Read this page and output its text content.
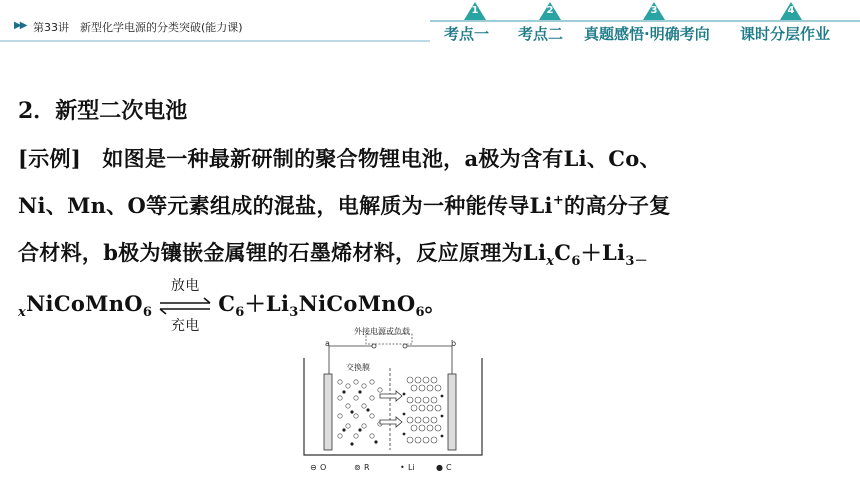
▶▶ 第33讲　新型化学电源的分类突破(能力课)
1
考点一
2
考点二
3
真题感悟·明确考向
4
课时分层作业
2．新型二次电池
[示例]　如图是一种最新研制的聚合物锂电池，a极为含有Li、Co、
Ni、Mn、O等元素组成的混盐，电解质为一种能传导Li+的高分子复
合材料，b极为镶嵌金属锂的石墨烯材料，反应原理为$Li_xC_6+Li_{3-}$
$_x$NiCoMnO$_6$
放电
充电
$C_6+Li_3NiCoMnO_6$。
外接电源或负载
a	b
交换膜
⊖ O	⊚ R	• Li	● C
